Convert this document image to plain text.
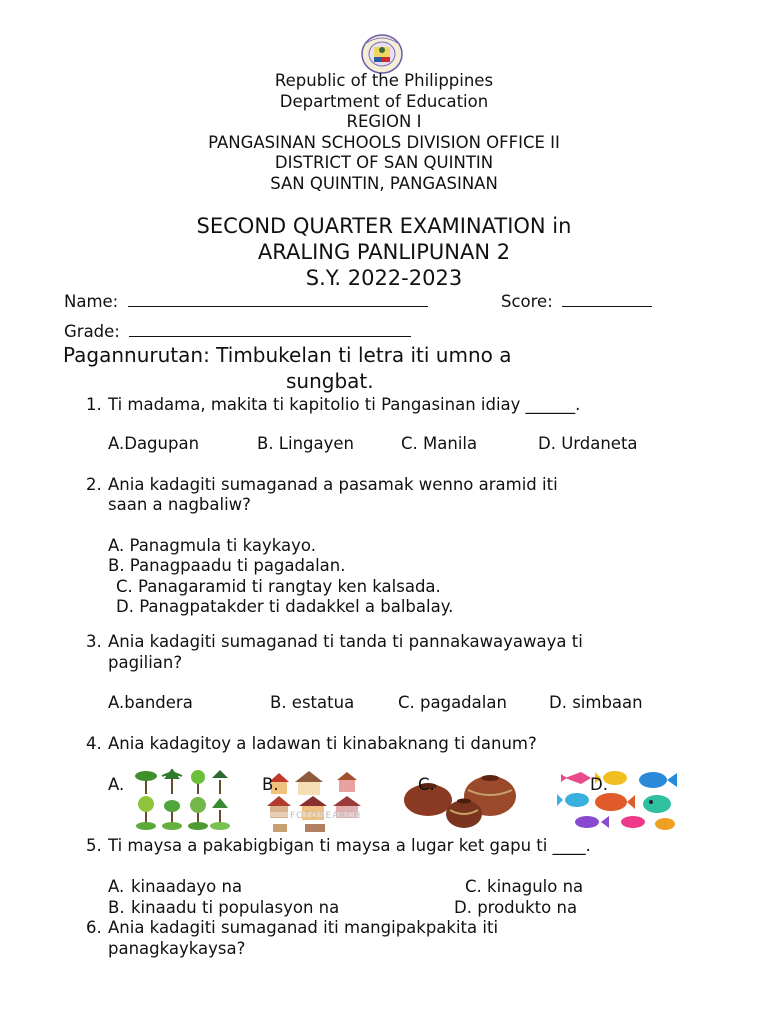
Republic of the Philippines
Department of Education
REGION I
PANGASINAN SCHOOLS DIVISION OFFICE II
DISTRICT OF SAN QUINTIN
SAN QUINTIN, PANGASINAN
SECOND QUARTER EXAMINATION in
ARALING PANLIPUNAN 2
S.Y. 2022-2023
Name:	Score:
Grade:
Pagannurutan: Timbukelan ti letra iti umno a
sungbat.
1. Ti madama, makita ti kapitolio ti Pangasinan idiay ______.
A.Dagupan	B. Lingayen	C. Manila	D. Urdaneta
2. Ania kadagiti sumaganad a pasamak wenno aramid iti
saan a nagbaliw?
A. Panagmula ti kaykayo.
B. Panagpaadu ti pagadalan.
C. Panagaramid ti rangtay ken kalsada.
D. Panagpatakder ti dadakkel a balbalay.
3. Ania kadagiti sumaganad ti tanda ti pannakawayawaya ti
pagilian?
A.bandera	B. estatua	C. pagadalan	D. simbaan
4. Ania kadagitoy a ladawan ti kinabaknang ti danum?
FOTOSEARCH
A.	B.	C.	D.
5. Ti maysa a pakabigbigan ti maysa a lugar ket gapu ti ____.
A. kinaadayo na	C. kinagulo na
B. kinaadu ti populasyon na	D. produkto na
6. Ania kadagiti sumaganad iti mangipakpakita iti
panagkaykaysa?
